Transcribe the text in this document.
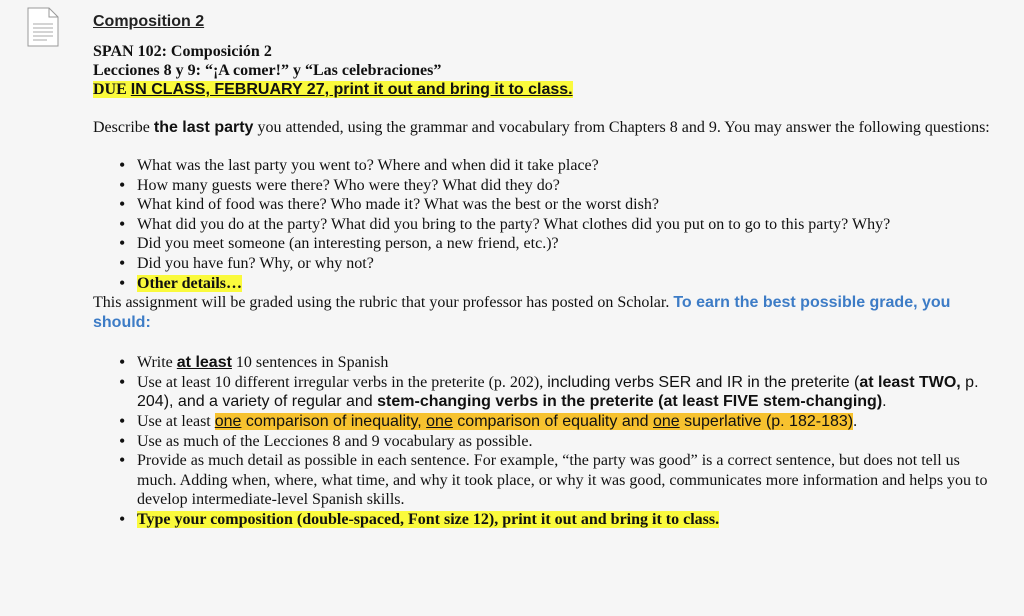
Composition 2
SPAN 102: Composición 2
Lecciones 8 y 9: “¡A comer!” y “Las celebraciones”
DUE IN CLASS, FEBRUARY 27, print it out and bring it to class.

Describe the last party you attended, using the grammar and vocabulary from Chapters 8 and 9. You may answer the following questions:

• What was the last party you went to? Where and when did it take place?
• How many guests were there? Who were they? What did they do?
• What kind of food was there? Who made it? What was the best or the worst dish?
• What did you do at the party? What did you bring to the party? What clothes did you put on to go to this party? Why?
• Did you meet someone (an interesting person, a new friend, etc.)?
• Did you have fun? Why, or why not?
• Other details…

This assignment will be graded using the rubric that your professor has posted on Scholar. To earn the best possible grade, you should:

• Write at least 10 sentences in Spanish
• Use at least 10 different irregular verbs in the preterite (p. 202), including verbs SER and IR in the preterite (at least TWO, p. 204), and a variety of regular and stem-changing verbs in the preterite (at least FIVE stem-changing).
• Use at least one comparison of inequality, one comparison of equality and one superlative (p. 182-183).
• Use as much of the Lecciones 8 and 9 vocabulary as possible.
• Provide as much detail as possible in each sentence. For example, “the party was good” is a correct sentence, but does not tell us much. Adding when, where, what time, and why it took place, or why it was good, communicates more information and helps you to develop intermediate-level Spanish skills.
• Type your composition (double-spaced, Font size 12), print it out and bring it to class.
